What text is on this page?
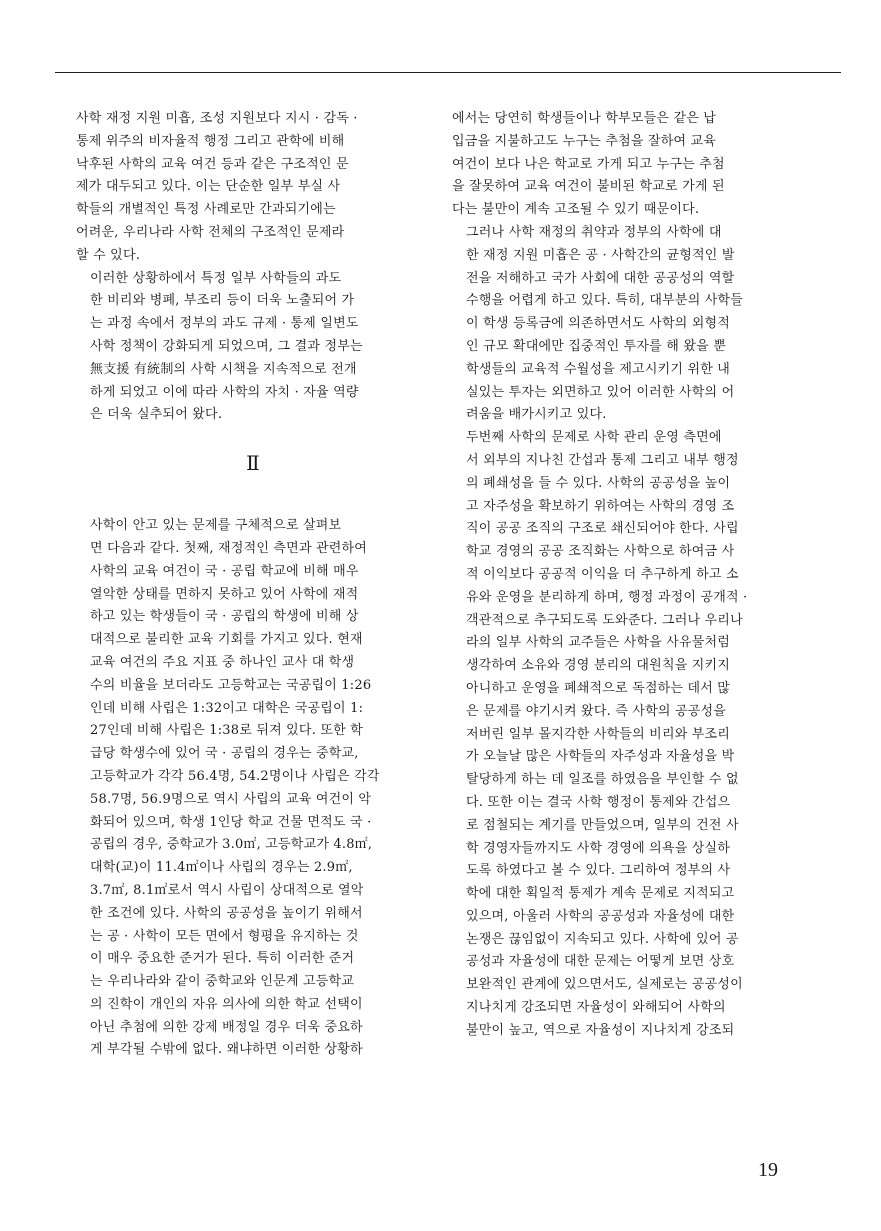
사학 재정 지원 미흡, 조성 지원보다 지시 · 감독 ·
통제 위주의 비자율적 행정 그리고 관학에 비해
낙후된 사학의 교육 여건 등과 같은 구조적인 문
제가 대두되고 있다. 이는 단순한 일부 부실 사
학들의 개별적인 특정 사례로만 간과되기에는
어려운, 우리나라 사학 전체의 구조적인 문제라
할 수 있다.

이러한 상황하에서 특정 일부 사학들의 과도
한 비리와 병폐, 부조리 등이 더욱 노출되어 가
는 과정 속에서 정부의 과도 규제 · 통제 일변도
사학 정책이 강화되게 되었으며, 그 결과 정부는
無支援 有統制의 사학 시책을 지속적으로 전개
하게 되었고 이에 따라 사학의 자치 · 자율 역량
은 더욱 실추되어 왔다.

Ⅱ

사학이 안고 있는 문제를 구체적으로 살펴보
면 다음과 같다. 첫째, 재정적인 측면과 관련하여
사학의 교육 여건이 국 · 공립 학교에 비해 매우
열악한 상태를 면하지 못하고 있어 사학에 재적
하고 있는 학생들이 국 · 공립의 학생에 비해 상
대적으로 불리한 교육 기회를 가지고 있다. 현재
교육 여건의 주요 지표 중 하나인 교사 대 학생
수의 비율을 보더라도 고등학교는 국공립이 1:26
인데 비해 사립은 1:32이고 대학은 국공립이 1:
27인데 비해 사립은 1:38로 뒤져 있다. 또한 학
급당 학생수에 있어 국 · 공립의 경우는 중학교,
고등학교가 각각 56.4명, 54.2명이나 사립은 각각
58.7명, 56.9명으로 역시 사립의 교육 여건이 악
화되어 있으며, 학생 1인당 학교 건물 면적도 국 ·
공립의 경우, 중학교가 3.0㎡, 고등학교가 4.8㎡,
대학(교)이 11.4㎡이나 사립의 경우는 2.9㎡,
3.7㎡, 8.1㎡로서 역시 사립이 상대적으로 열악
한 조건에 있다. 사학의 공공성을 높이기 위해서
는 공 · 사학이 모든 면에서 형평을 유지하는 것
이 매우 중요한 준거가 된다. 특히 이러한 준거
는 우리나라와 같이 중학교와 인문계 고등학교
의 진학이 개인의 자유 의사에 의한 학교 선택이
아닌 추첨에 의한 강제 배정일 경우 더욱 중요하
게 부각될 수밖에 없다. 왜냐하면 이러한 상황하

에서는 당연히 학생들이나 학부모들은 같은 납
입금을 지불하고도 누구는 추첨을 잘하여 교육
여건이 보다 나은 학교로 가게 되고 누구는 추첨
을 잘못하여 교육 여건이 불비된 학교로 가게 된
다는 불만이 계속 고조될 수 있기 때문이다.

그러나 사학 재정의 취약과 정부의 사학에 대
한 재정 지원 미흡은 공 · 사학간의 균형적인 발
전을 저해하고 국가 사회에 대한 공공성의 역할
수행을 어렵게 하고 있다. 특히, 대부분의 사학들
이 학생 등록금에 의존하면서도 사학의 외형적
인 규모 확대에만 집중적인 투자를 해 왔을 뿐
학생들의 교육적 수월성을 제고시키기 위한 내
실있는 투자는 외면하고 있어 이러한 사학의 어
려움을 배가시키고 있다.

두번째 사학의 문제로 사학 관리 운영 측면에
서 외부의 지나친 간섭과 통제 그리고 내부 행정
의 폐쇄성을 들 수 있다. 사학의 공공성을 높이
고 자주성을 확보하기 위하여는 사학의 경영 조
직이 공공 조직의 구조로 쇄신되어야 한다. 사립
학교 경영의 공공 조직화는 사학으로 하여금 사
적 이익보다 공공적 이익을 더 추구하게 하고 소
유와 운영을 분리하게 하며, 행정 과정이 공개적 ·
객관적으로 추구되도록 도와준다. 그러나 우리나
라의 일부 사학의 교주들은 사학을 사유물처럼
생각하여 소유와 경영 분리의 대원칙을 지키지
아니하고 운영을 폐쇄적으로 독점하는 데서 많
은 문제를 야기시켜 왔다. 즉 사학의 공공성을
저버린 일부 몰지각한 사학들의 비리와 부조리
가 오늘날 많은 사학들의 자주성과 자율성을 박
탈당하게 하는 데 일조를 하였음을 부인할 수 없
다. 또한 이는 결국 사학 행정이 통제와 간섭으
로 점철되는 계기를 만들었으며, 일부의 건전 사
학 경영자들까지도 사학 경영에 의욕을 상실하
도록 하였다고 볼 수 있다. 그리하여 정부의 사
학에 대한 획일적 통제가 계속 문제로 지적되고
있으며, 아울러 사학의 공공성과 자율성에 대한
논쟁은 끊임없이 지속되고 있다. 사학에 있어 공
공성과 자율성에 대한 문제는 어떻게 보면 상호
보완적인 관계에 있으면서도, 실제로는 공공성이
지나치게 강조되면 자율성이 와해되어 사학의
불만이 높고, 역으로 자율성이 지나치게 강조되

19
